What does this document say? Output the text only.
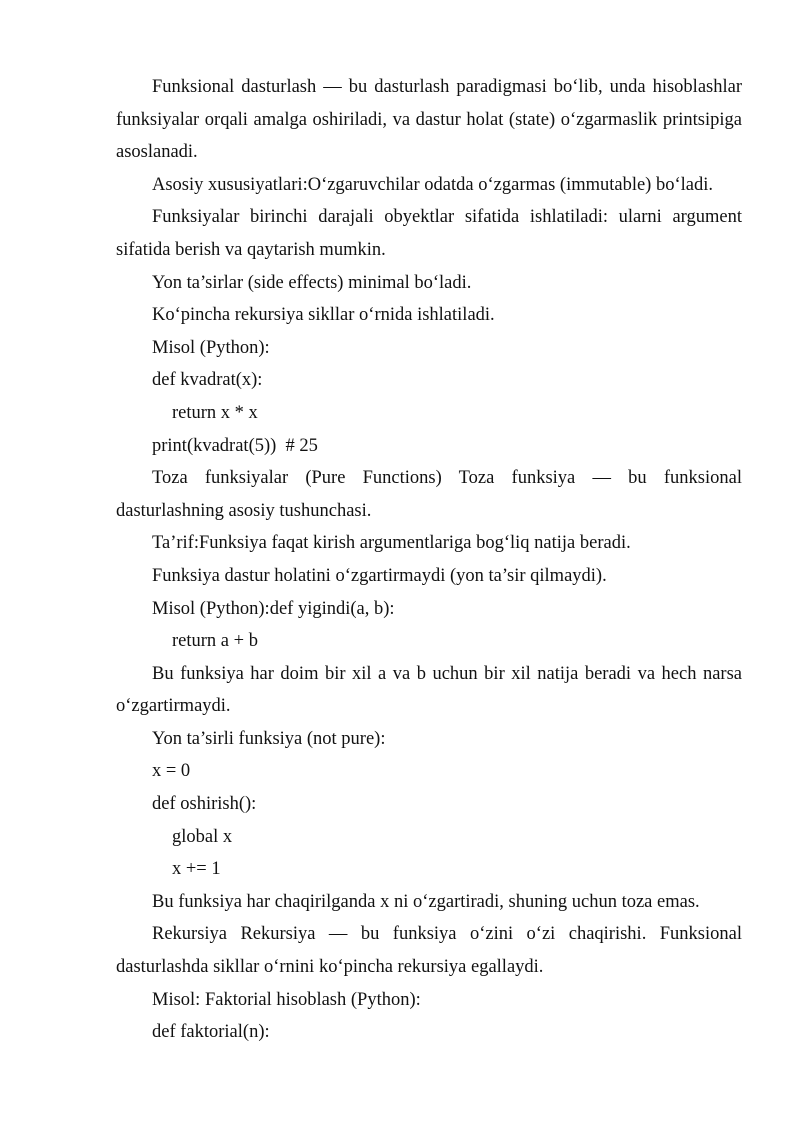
Funksional dasturlash — bu dasturlash paradigmasi bo‘lib, unda hisoblashlar funksiyalar orqali amalga oshiriladi, va dastur holat (state) o‘zgarmaslik printsipiga asoslanadi.

Asosiy xususiyatlari:O‘zgaruvchilar odatda o‘zgarmas (immutable) bo‘ladi.

Funksiyalar birinchi darajali obyektlar sifatida ishlatiladi: ularni argument sifatida berish va qaytarish mumkin.

Yon ta’sirlar (side effects) minimal bo‘ladi.

Ko‘pincha rekursiya sikllar o‘rnida ishlatiladi.

Misol (Python):

def kvadrat(x):
return x * x
print(kvadrat(5))  # 25

Toza funksiyalar (Pure Functions) Toza funksiya — bu funksional dasturlashning asosiy tushunchasi.

Ta’rif:Funksiya faqat kirish argumentlariga bog‘liq natija beradi.

Funksiya dastur holatini o‘zgartirmaydi (yon ta’sir qilmaydi).

Misol (Python):def yigindi(a, b):

return a + b

Bu funksiya har doim bir xil a va b uchun bir xil natija beradi va hech narsa o‘zgartirmaydi.

Yon ta’sirli funksiya (not pure):

x = 0
def oshirish():
global x
x += 1

Bu funksiya har chaqirilganda x ni o‘zgartiradi, shuning uchun toza emas.

Rekursiya Rekursiya — bu funksiya o‘zini o‘zi chaqirishi. Funksional dasturlashda sikllar o‘rnini ko‘pincha rekursiya egallaydi.

Misol: Faktorial hisoblash (Python):

def faktorial(n):
